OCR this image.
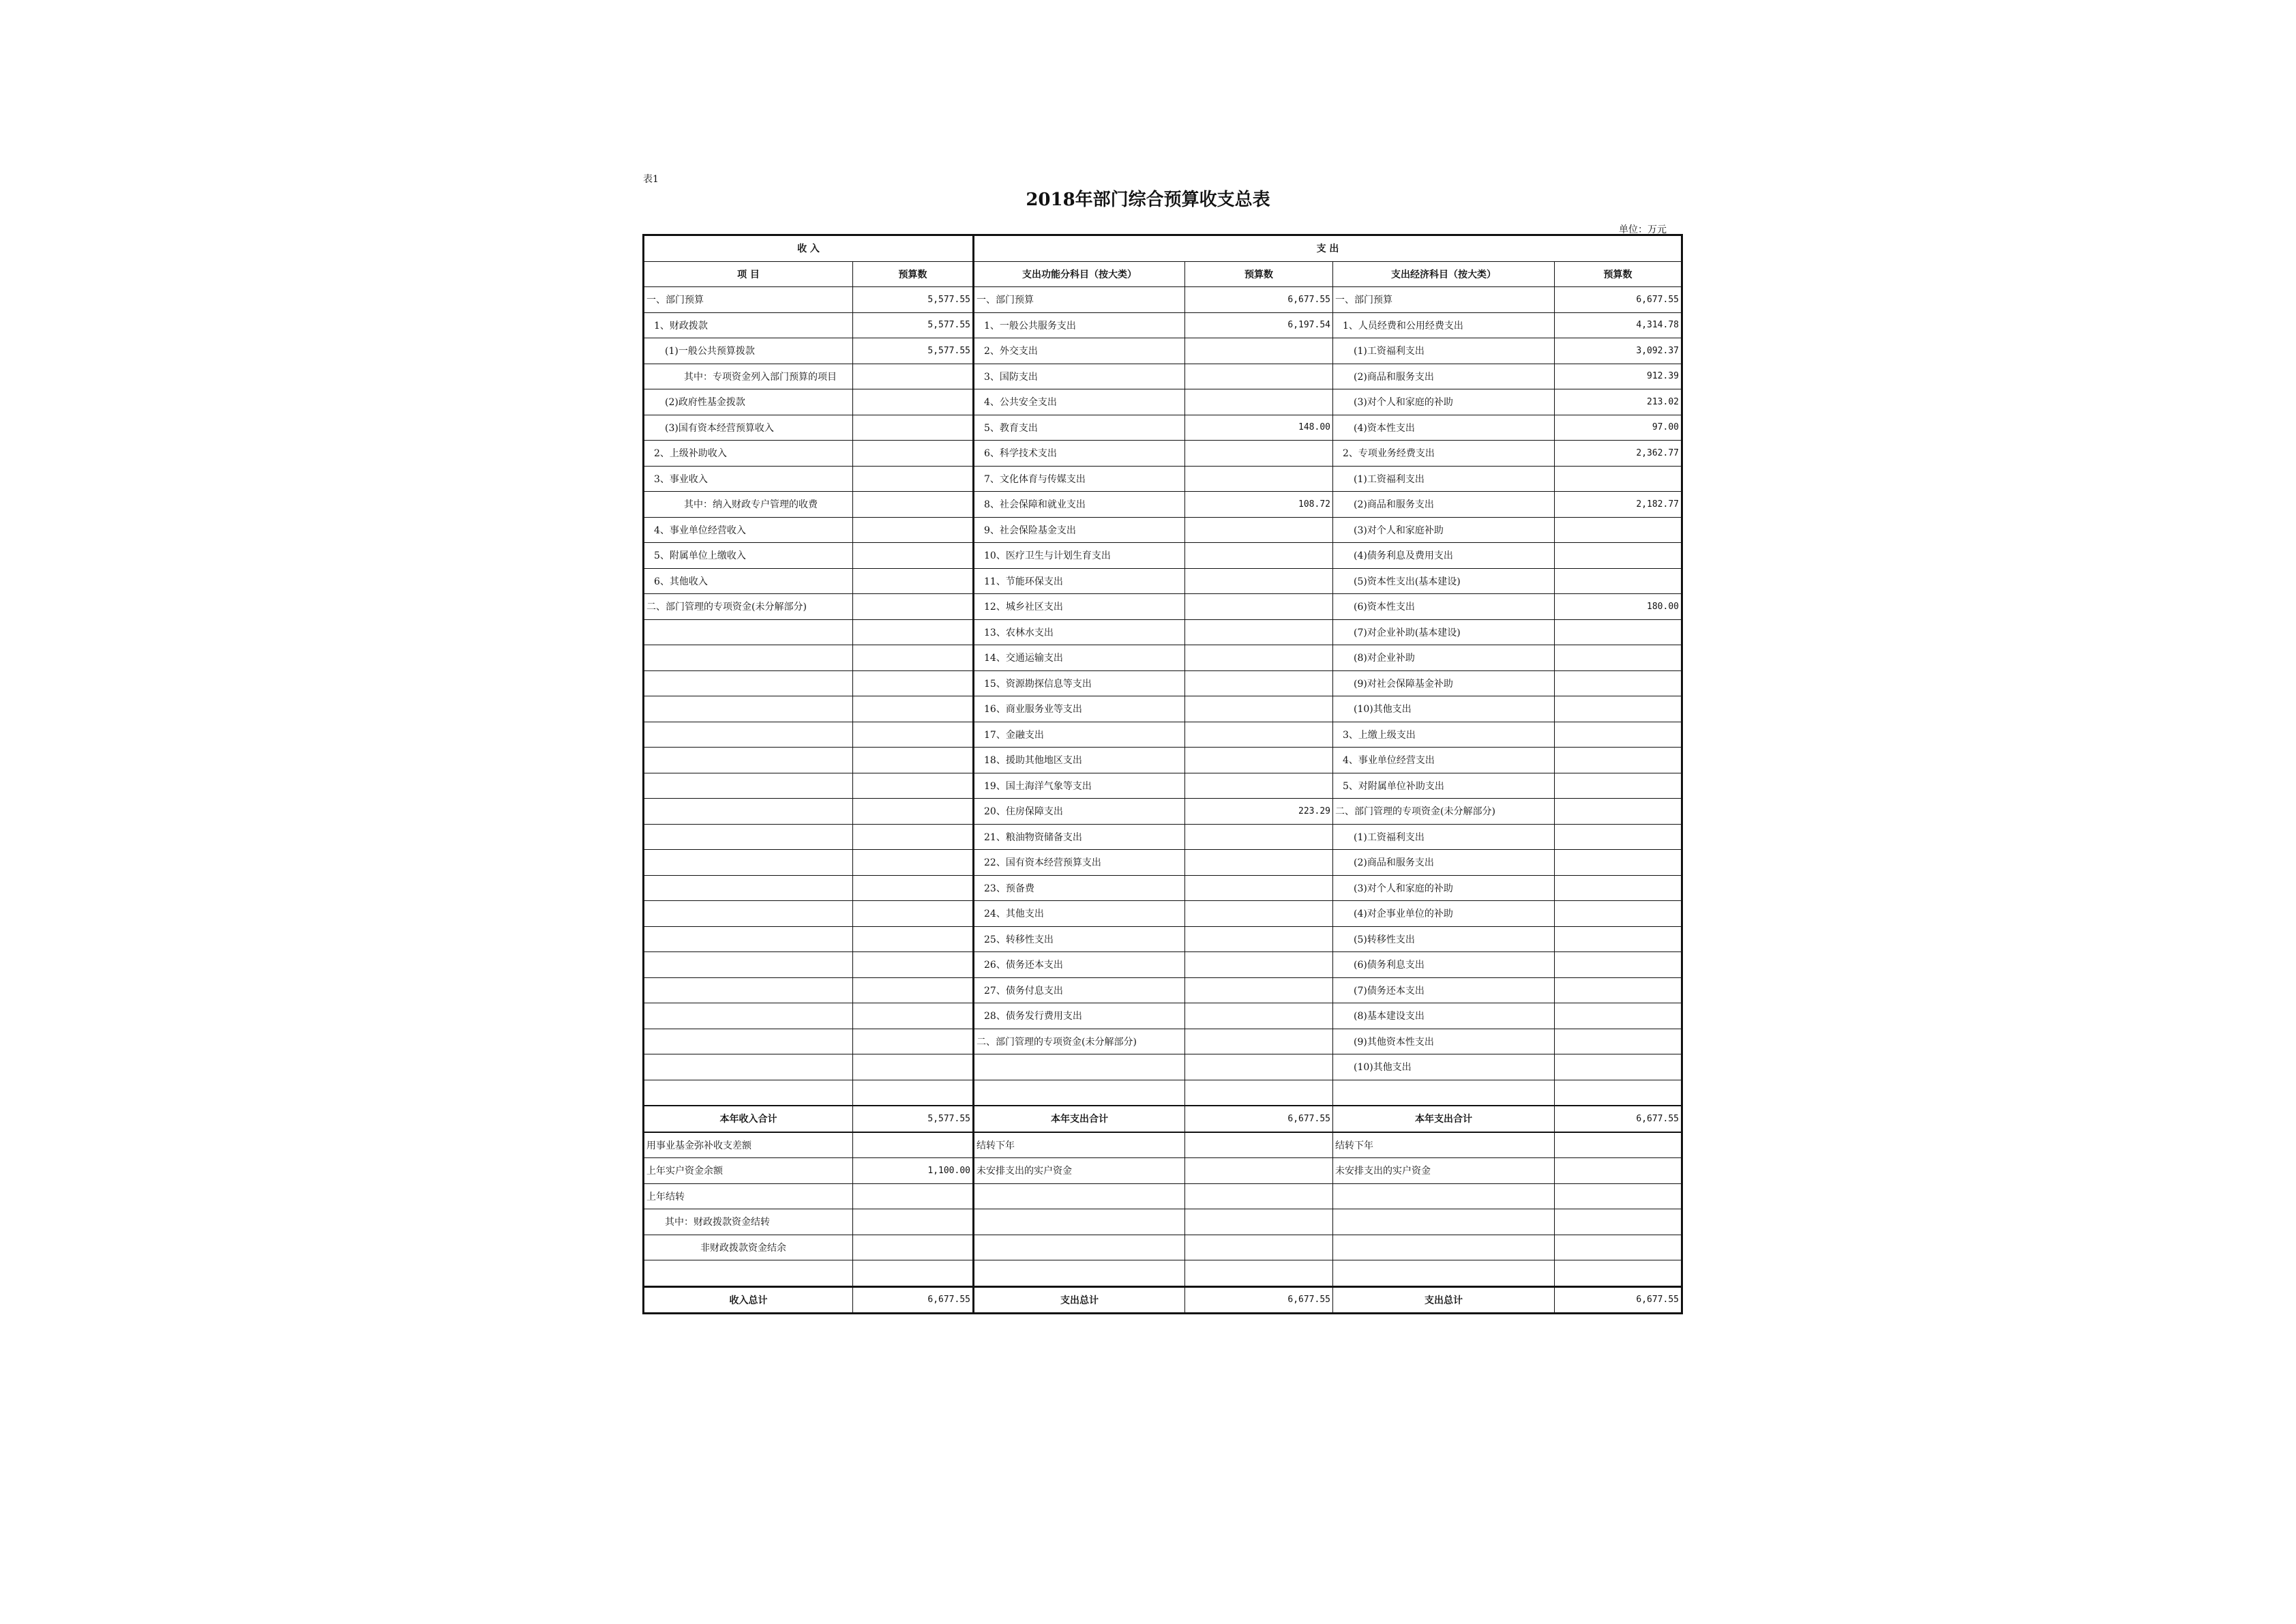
表1
2018年部门综合预算收支总表
单位：万元
收 入		支 出			
项 目	预算数	支出功能分科目（按大类）	预算数	支出经济科目（按大类）	预算数
一、部门预算	5,577.55	一、部门预算	6,677.55	一、部门预算	6,677.55
1、财政拨款	5,577.55	1、一般公共服务支出	6,197.54	1、人员经费和公用经费支出	4,314.78
(1)一般公共预算拨款	5,577.55	2、外交支出		(1)工资福利支出	3,092.37
其中：专项资金列入部门预算的项目		3、国防支出		(2)商品和服务支出	912.39
(2)政府性基金拨款		4、公共安全支出		(3)对个人和家庭的补助	213.02
(3)国有资本经营预算收入		5、教育支出	148.00	(4)资本性支出	97.00
2、上级补助收入		6、科学技术支出		2、专项业务经费支出	2,362.77
3、事业收入		7、文化体育与传媒支出		(1)工资福利支出	
其中：纳入财政专户管理的收费		8、社会保障和就业支出	108.72	(2)商品和服务支出	2,182.77
4、事业单位经营收入		9、社会保险基金支出		(3)对个人和家庭补助	
5、附属单位上缴收入		10、医疗卫生与计划生育支出		(4)债务利息及费用支出	
6、其他收入		11、节能环保支出		(5)资本性支出(基本建设)	
二、部门管理的专项资金(未分解部分)		12、城乡社区支出		(6)资本性支出	180.00
		13、农林水支出		(7)对企业补助(基本建设)	
		14、交通运输支出		(8)对企业补助	
		15、资源勘探信息等支出		(9)对社会保障基金补助	
		16、商业服务业等支出		(10)其他支出	
		17、金融支出		3、上缴上级支出	
		18、援助其他地区支出		4、事业单位经营支出	
		19、国土海洋气象等支出		5、对附属单位补助支出	
		20、住房保障支出	223.29	二、部门管理的专项资金(未分解部分)	
		21、粮油物资储备支出		(1)工资福利支出	
		22、国有资本经营预算支出		(2)商品和服务支出	
		23、预备费		(3)对个人和家庭的补助	
		24、其他支出		(4)对企事业单位的补助	
		25、转移性支出		(5)转移性支出	
		26、债务还本支出		(6)债务利息支出	
		27、债务付息支出		(7)债务还本支出	
		28、债务发行费用支出		(8)基本建设支出	
		二、部门管理的专项资金(未分解部分)		(9)其他资本性支出	
				(10)其他支出	

本年收入合计	5,577.55	本年支出合计	6,677.55	本年支出合计	6,677.55
用事业基金弥补收支差额		结转下年		结转下年	
上年实户资金余额	1,100.00	未安排支出的实户资金		未安排支出的实户资金	
上年结转					
其中：财政拨款资金结转					
非财政拨款资金结余					

收入总计	6,677.55	支出总计	6,677.55	支出总计	6,677.55
